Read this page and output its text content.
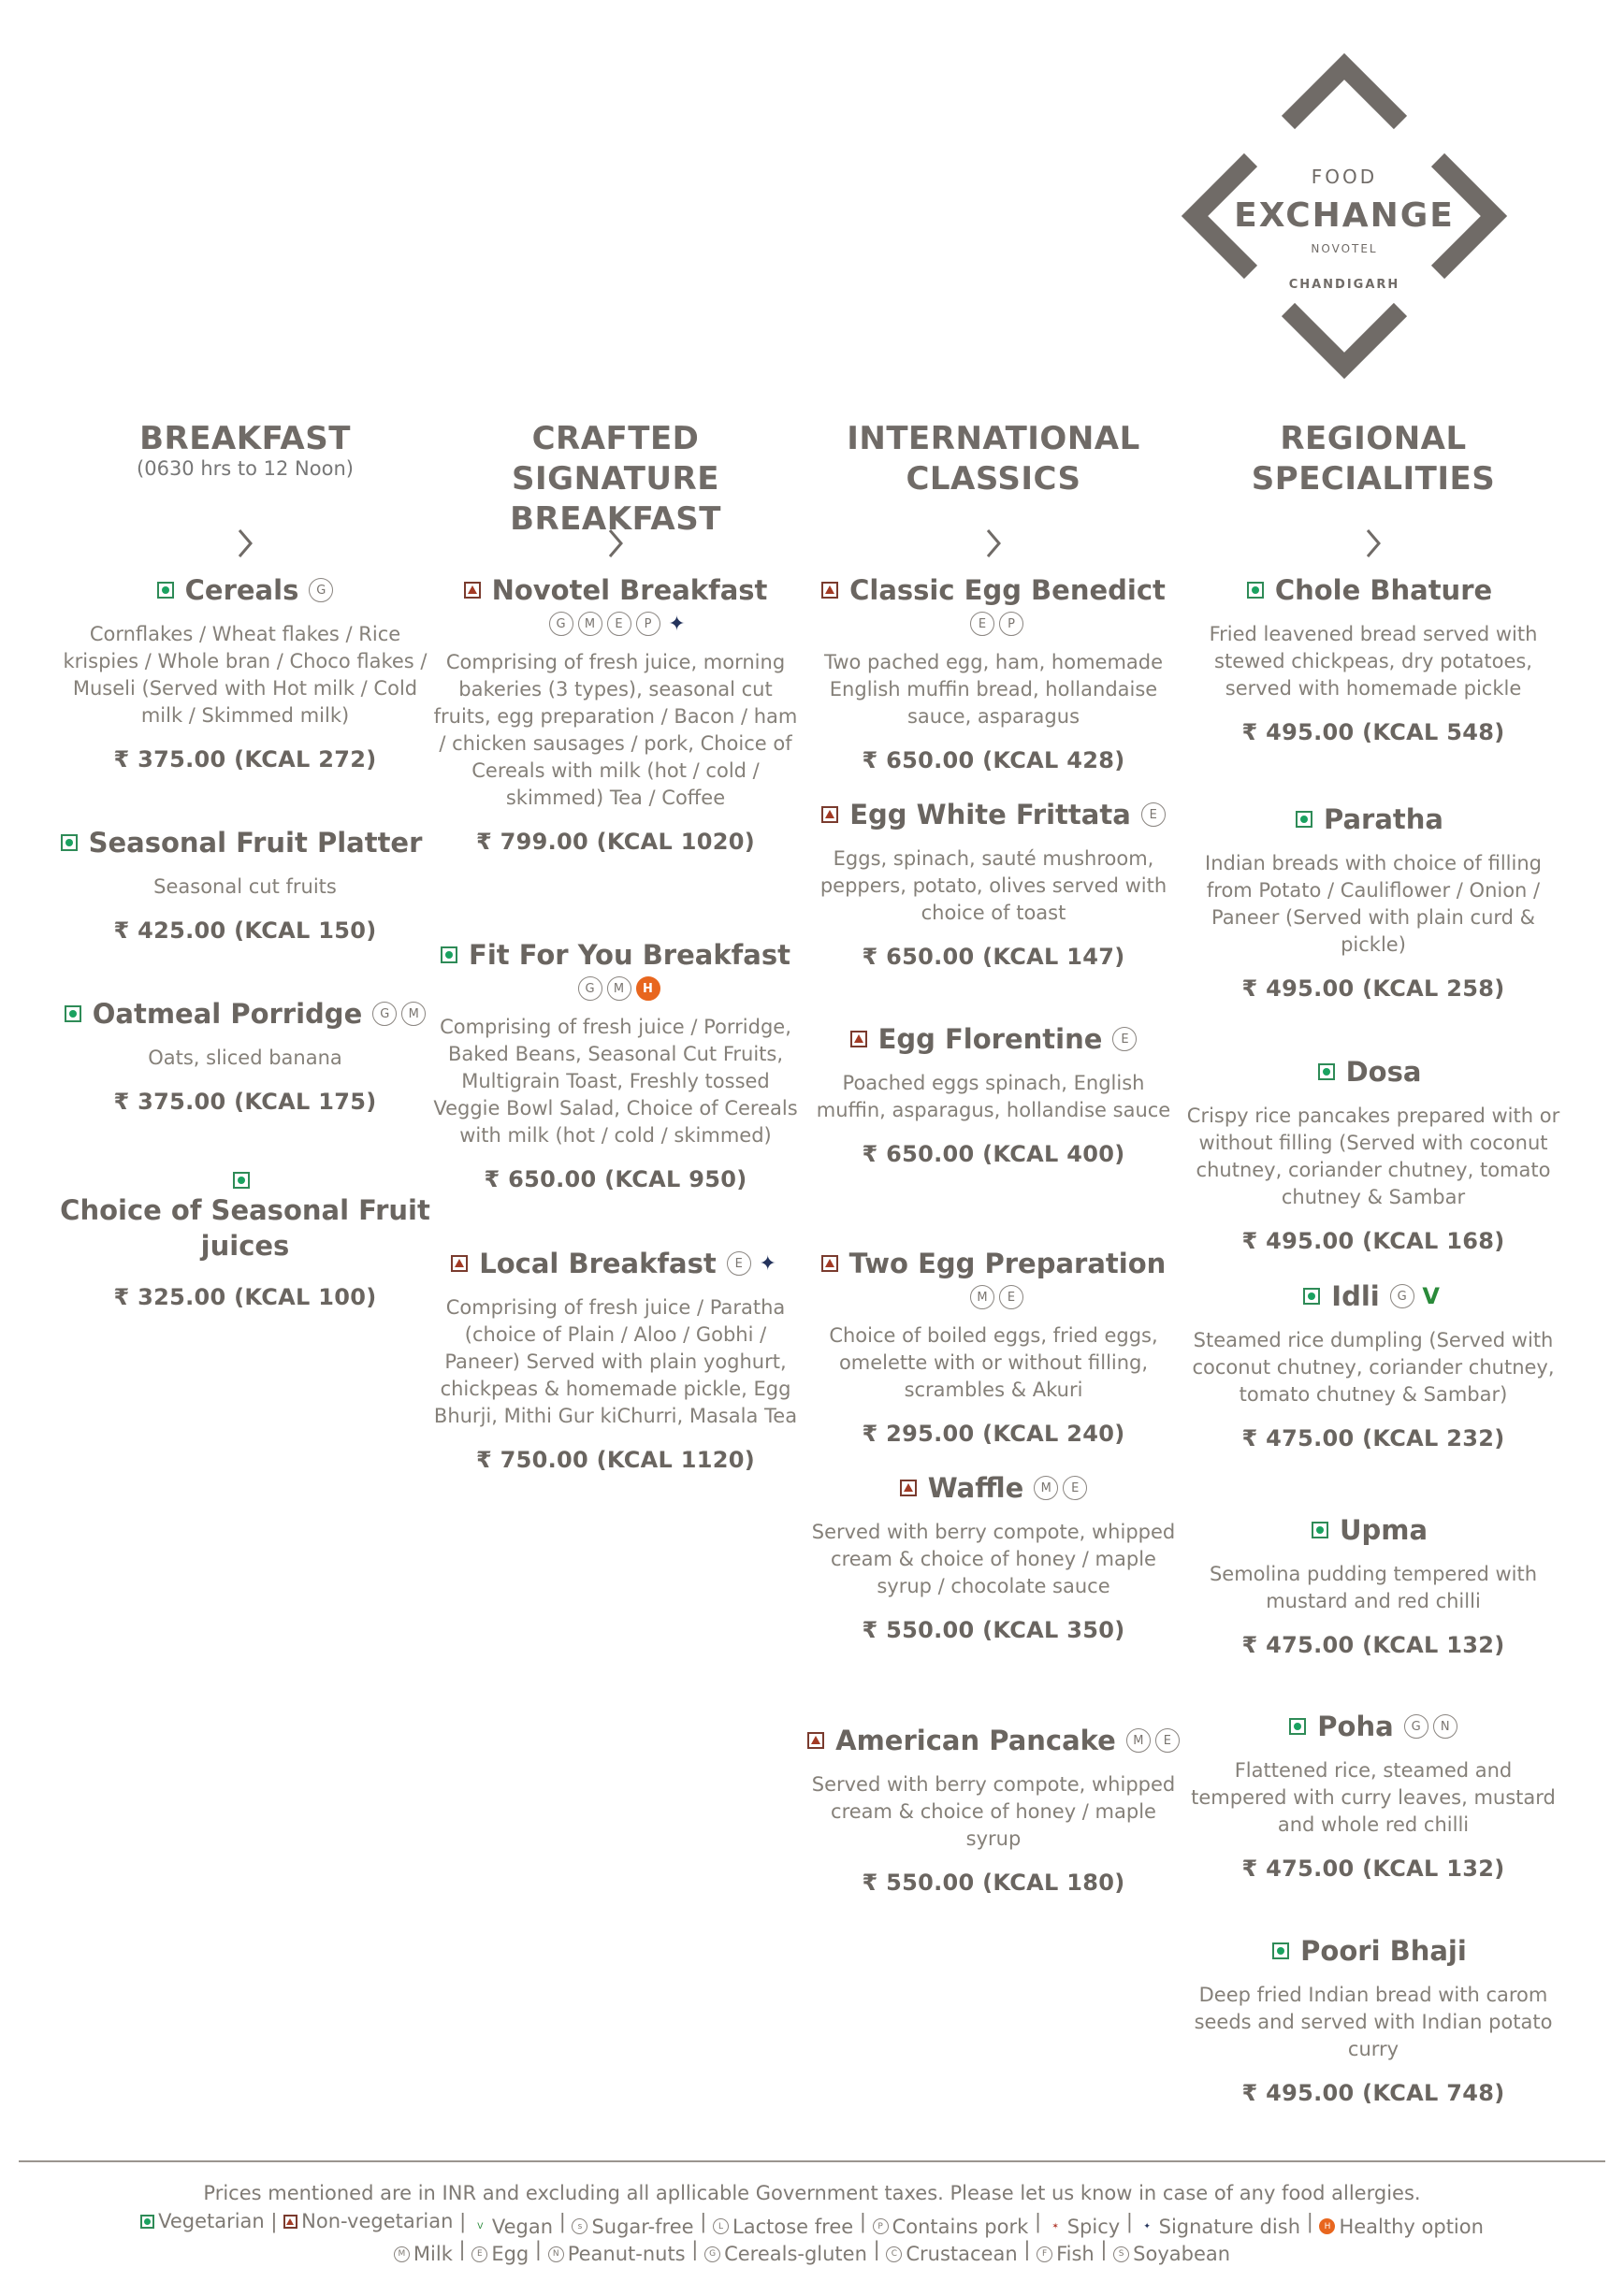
FOOD
EXCHANGE
NOVOTEL
CHANDIGARH
BREAKFAST
(0630 hrs to 12 Noon)
Cereals	G
Cornflakes / Wheat flakes / Rice krispies / Whole bran / Choco flakes / Museli (Served with Hot milk / Cold milk / Skimmed milk)
₹ 375.00 (KCAL 272)
Seasonal Fruit Platter
Seasonal cut fruits
₹ 425.00 (KCAL 150)
Oatmeal Porridge	G	M
Oats, sliced banana
₹ 375.00 (KCAL 175)
Choice of Seasonal Fruit juices
₹ 325.00 (KCAL 100)
CRAFTED SIGNATURE BREAKFAST
Novotel Breakfast
G	M	E	P ✦
Comprising of fresh juice, morning bakeries (3 types), seasonal cut fruits, egg preparation / Bacon / ham / chicken sausages / pork, Choice of Cereals with milk (hot / cold / skimmed) Tea / Coffee
₹ 799.00 (KCAL 1020)
Fit For You Breakfast
G	M	H
Comprising of fresh juice / Porridge, Baked Beans, Seasonal Cut Fruits, Multigrain Toast, Freshly tossed Veggie Bowl Salad, Choice of Cereals with milk (hot / cold / skimmed)
₹ 650.00 (KCAL 950)
Local Breakfast	E ✦
Comprising of fresh juice / Paratha (choice of Plain / Aloo / Gobhi / Paneer) Served with plain yoghurt, chickpeas & homemade pickle, Egg Bhurji, Mithi Gur kiChurri, Masala Tea
₹ 750.00 (KCAL 1120)
INTERNATIONAL CLASSICS
Classic Egg Benedict
E	P
Two pached egg, ham, homemade English muffin bread, hollandaise sauce, asparagus
₹ 650.00 (KCAL 428)
Egg White Frittata	E
Eggs, spinach, sauté mushroom, peppers, potato, olives served with choice of toast
₹ 650.00 (KCAL 147)
Egg Florentine	E
Poached eggs spinach, English muffin, asparagus, hollandise sauce
₹ 650.00 (KCAL 400)
Two Egg Preparation
M	E
Choice of boiled eggs, fried eggs, omelette with or without filling, scrambles & Akuri
₹ 295.00 (KCAL 240)
Waffle	M	E
Served with berry compote, whipped cream & choice of honey / maple syrup / chocolate sauce
₹ 550.00 (KCAL 350)
American Pancake	M	E
Served with berry compote, whipped cream & choice of honey / maple syrup
₹ 550.00 (KCAL 180)
REGIONAL SPECIALITIES
Chole Bhature
Fried leavened bread served with stewed chickpeas, dry potatoes, served with homemade pickle
₹ 495.00 (KCAL 548)
Paratha
Indian breads with choice of filling from Potato / Cauliflower / Onion / Paneer (Served with plain curd & pickle)
₹ 495.00 (KCAL 258)
Dosa
Crispy rice pancakes prepared with or without filling (Served with coconut chutney, coriander chutney, tomato chutney & Sambar
₹ 495.00 (KCAL 168)
Idli	G V
Steamed rice dumpling (Served with coconut chutney, coriander chutney, tomato chutney & Sambar)
₹ 475.00 (KCAL 232)
Upma
Semolina pudding tempered with mustard and red chilli
₹ 475.00 (KCAL 132)
Poha	G	N
Flattened rice, steamed and tempered with curry leaves, mustard and whole red chilli
₹ 475.00 (KCAL 132)
Poori Bhaji
Deep fried Indian bread with carom seeds and served with Indian potato curry
₹ 495.00 (KCAL 748)
Prices mentioned are in INR and excluding all apllicable Government taxes. Please let us know in case of any food allergies.
Vegetarian | Non-vegetarian | V Vegan | s Sugar-free | L Lactose free | P Contains pork | ✶ Spicy | ✦ Signature dish | H Healthy option
M Milk | E Egg | N Peanut-nuts | G Cereals-gluten | C Crustacean | F Fish | S Soyabean
